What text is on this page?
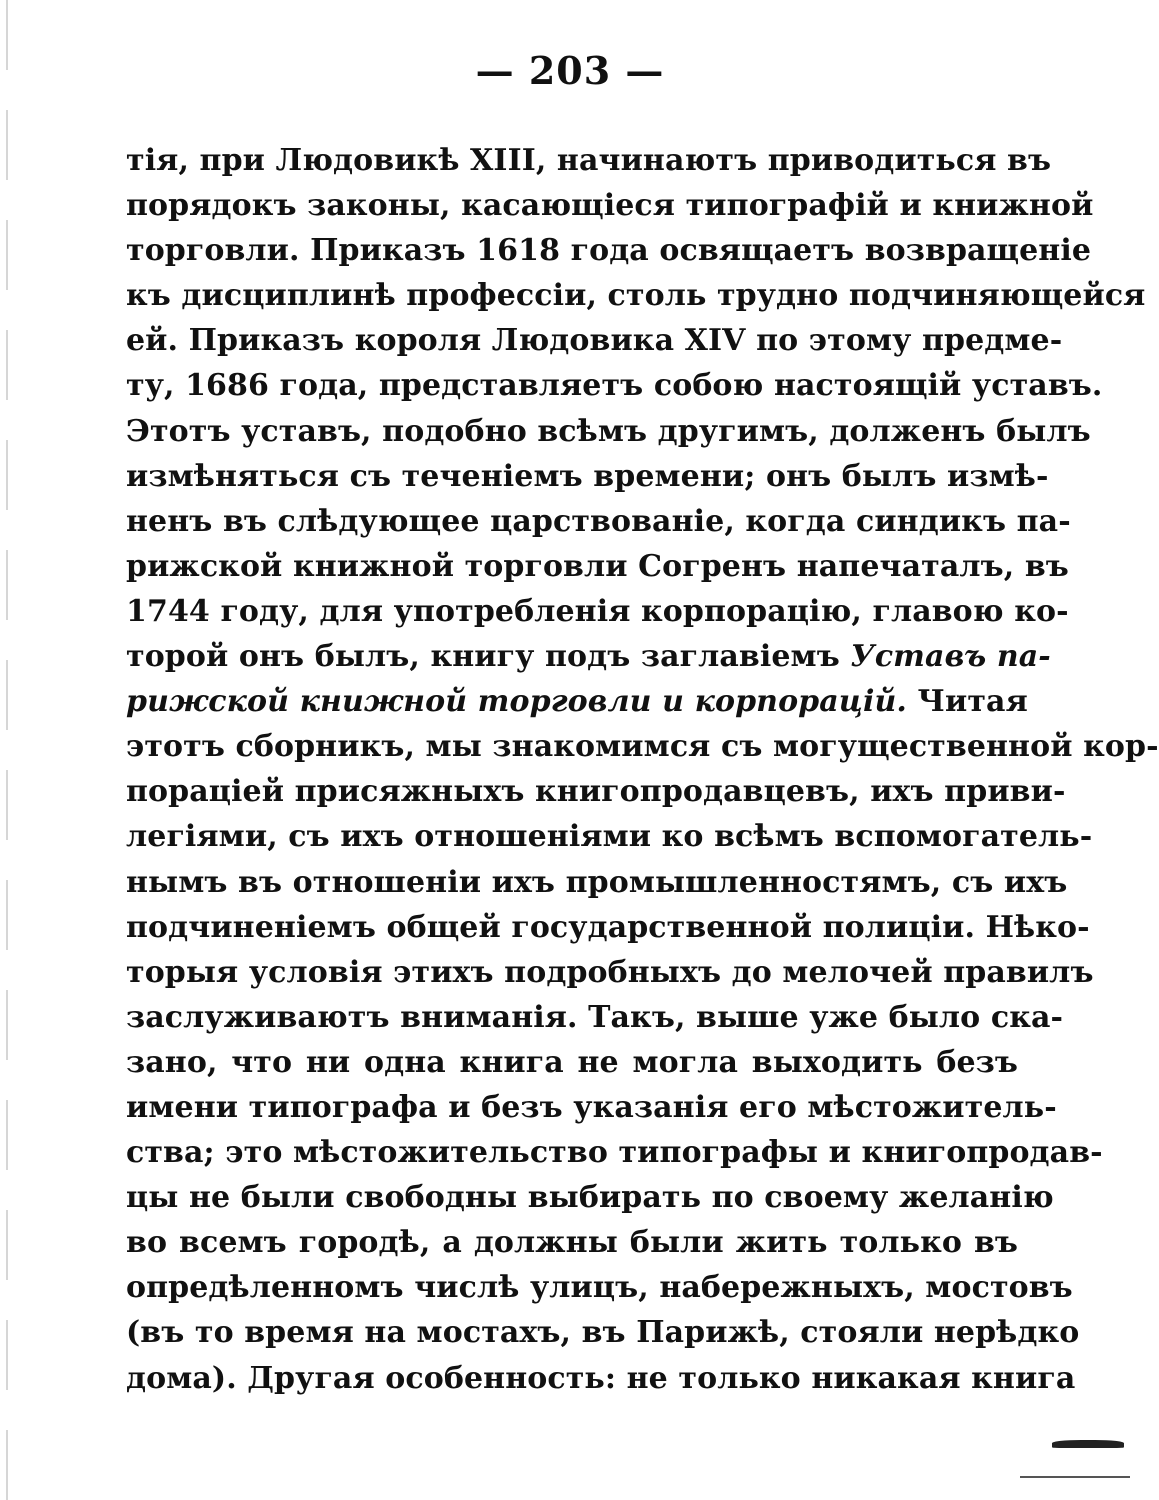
— 203 —
тія, при Людовикѣ XIII, начинаютъ приводиться въ
порядокъ законы, касающіеся типографій и книжной
торговли. Приказъ 1618 года освящаетъ возвращеніе
къ дисциплинѣ профессіи, столь трудно подчиняющейся
ей. Приказъ короля Людовика XIV по этому предме-
ту, 1686 года, представляетъ собою настоящій уставъ.
Этотъ уставъ, подобно всѣмъ другимъ, долженъ былъ
измѣняться съ теченіемъ времени; онъ былъ измѣ-
ненъ въ слѣдующее царствованіе, когда синдикъ па-
рижской книжной торговли Согренъ напечаталъ, въ
1744 году, для употребленія корпорацію, главою ко-
торой онъ былъ, книгу подъ заглавіемъ Уставъ па-
рижской книжной торговли и корпорацій. Читая
этотъ сборникъ, мы знакомимся съ могущественной кор-
пораціей присяжныхъ книгопродавцевъ, ихъ приви-
легіями, съ ихъ отношеніями ко всѣмъ вспомогатель-
нымъ въ отношеніи ихъ промышленностямъ, съ ихъ
подчиненіемъ общей государственной полиціи. Нѣко-
торыя условія этихъ подробныхъ до мелочей правилъ
заслуживаютъ вниманія. Такъ, выше уже было ска-
зано, что ни одна книга не могла выходить безъ
имени типографа и безъ указанія его мѣстожитель-
ства; это мѣстожительство типографы и книгопродав-
цы не были свободны выбирать по своему желанію
во всемъ городѣ, а должны были жить только въ
опредѣленномъ числѣ улицъ, набережныхъ, мостовъ
(въ то время на мостахъ, въ Парижѣ, стояли нерѣдко
дома). Другая особенность: не только никакая книга
